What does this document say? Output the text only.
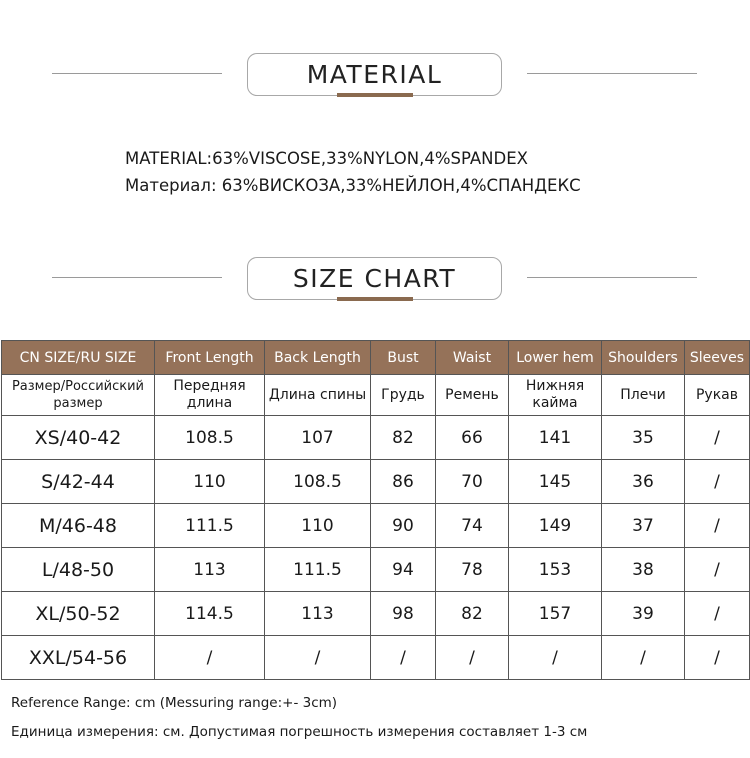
MATERIAL
MATERIAL:63%VISCOSE,33%NYLON,4%SPANDEX
Материал: 63%ВИСКОЗА,33%НЕЙЛОН,4%СПАНДЕКС
SIZE CHART
CN SIZE/RU SIZE	Front Length	Back Length	Bust	Waist	Lower hem	Shoulders	Sleeves
Размер/Российский размер	Передняя длина	Длина спины	Грудь	Ремень	Нижняя кайма	Плечи	Рукав
XS/40-42	108.5	107	82	66	141	35	/
S/42-44	110	108.5	86	70	145	36	/
M/46-48	111.5	110	90	74	149	37	/
L/48-50	113	111.5	94	78	153	38	/
XL/50-52	114.5	113	98	82	157	39	/
XXL/54-56	/	/	/	/	/	/	/
Reference Range: cm (Messuring range:+- 3cm)
Единица измерения: см. Допустимая погрешность измерения составляет 1-3 см
